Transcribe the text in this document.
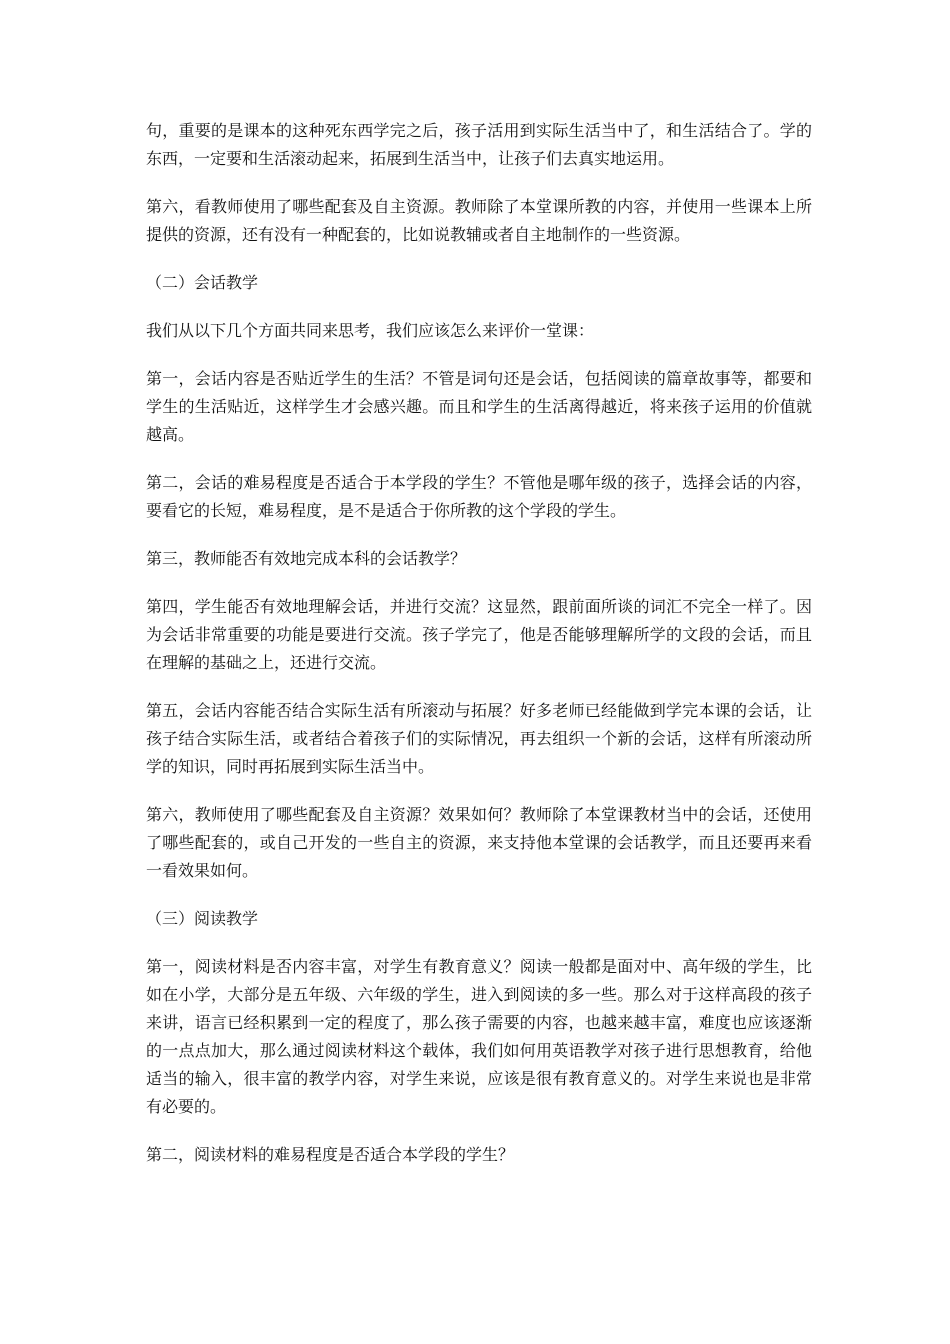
句，重要的是课本的这种死东西学完之后，孩子活用到实际生活当中了，和生活结合了。学的东西，一定要和生活滚动起来，拓展到生活当中，让孩子们去真实地运用。

第六，看教师使用了哪些配套及自主资源。教师除了本堂课所教的内容，并使用一些课本上所提供的资源，还有没有一种配套的，比如说教辅或者自主地制作的一些资源。

（二）会话教学

我们从以下几个方面共同来思考，我们应该怎么来评价一堂课：

第一，会话内容是否贴近学生的生活？不管是词句还是会话，包括阅读的篇章故事等，都要和学生的生活贴近，这样学生才会感兴趣。而且和学生的生活离得越近，将来孩子运用的价值就越高。

第二，会话的难易程度是否适合于本学段的学生？不管他是哪年级的孩子，选择会话的内容，要看它的长短，难易程度，是不是适合于你所教的这个学段的学生。

第三，教师能否有效地完成本科的会话教学？

第四，学生能否有效地理解会话，并进行交流？这显然，跟前面所谈的词汇不完全一样了。因为会话非常重要的功能是要进行交流。孩子学完了，他是否能够理解所学的文段的会话，而且在理解的基础之上，还进行交流。

第五，会话内容能否结合实际生活有所滚动与拓展？好多老师已经能做到学完本课的会话，让孩子结合实际生活，或者结合着孩子们的实际情况，再去组织一个新的会话，这样有所滚动所学的知识，同时再拓展到实际生活当中。

第六，教师使用了哪些配套及自主资源？效果如何？教师除了本堂课教材当中的会话，还使用了哪些配套的，或自己开发的一些自主的资源，来支持他本堂课的会话教学，而且还要再来看一看效果如何。

（三）阅读教学

第一，阅读材料是否内容丰富，对学生有教育意义？阅读一般都是面对中、高年级的学生，比如在小学，大部分是五年级、六年级的学生，进入到阅读的多一些。那么对于这样高段的孩子来讲，语言已经积累到一定的程度了，那么孩子需要的内容，也越来越丰富，难度也应该逐渐的一点点加大，那么通过阅读材料这个载体，我们如何用英语教学对孩子进行思想教育，给他适当的输入，很丰富的教学内容，对学生来说，应该是很有教育意义的。对学生来说也是非常有必要的。

第二，阅读材料的难易程度是否适合本学段的学生？
